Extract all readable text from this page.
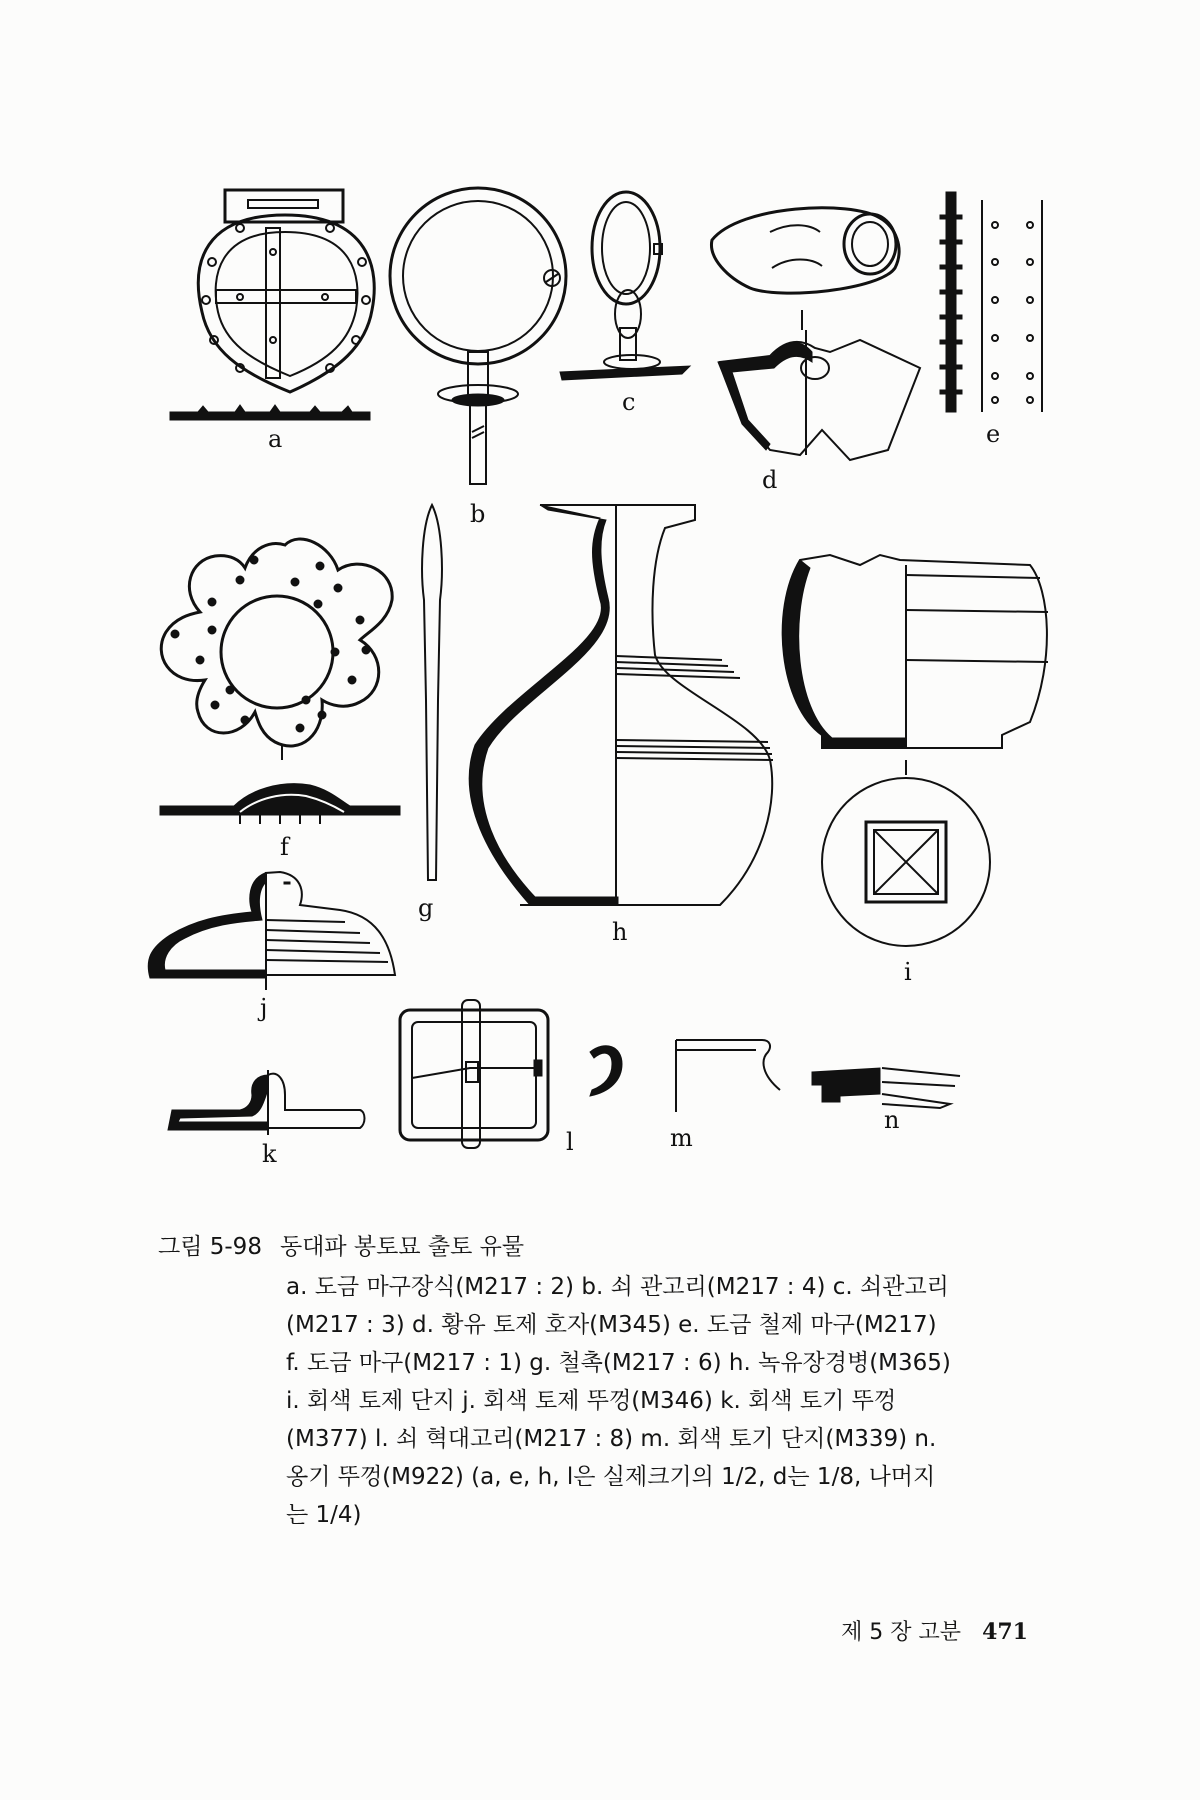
a
b
c
d
e
f
g
h
i
j
k	l	m
n
그림 5-98 동대파 봉토묘 출토 유물
a. 도금 마구장식(M217 : 2) b. 쇠 관고리(M217 : 4) c. 쇠관고리
(M217 : 3) d. 황유 토제 호자(M345) e. 도금 철제 마구(M217)
f. 도금 마구(M217 : 1) g. 철촉(M217 : 6) h. 녹유장경병(M365)
i. 회색 토제 단지 j. 회색 토제 뚜껑(M346) k. 회색 토기 뚜껑
(M377) l. 쇠 혁대고리(M217 : 8) m. 회색 토기 단지(M339) n.
옹기 뚜껑(M922) (a, e, h, l은 실제크기의 1/2, d는 1/8, 나머지
는 1/4)
제 5 장 고분 471
